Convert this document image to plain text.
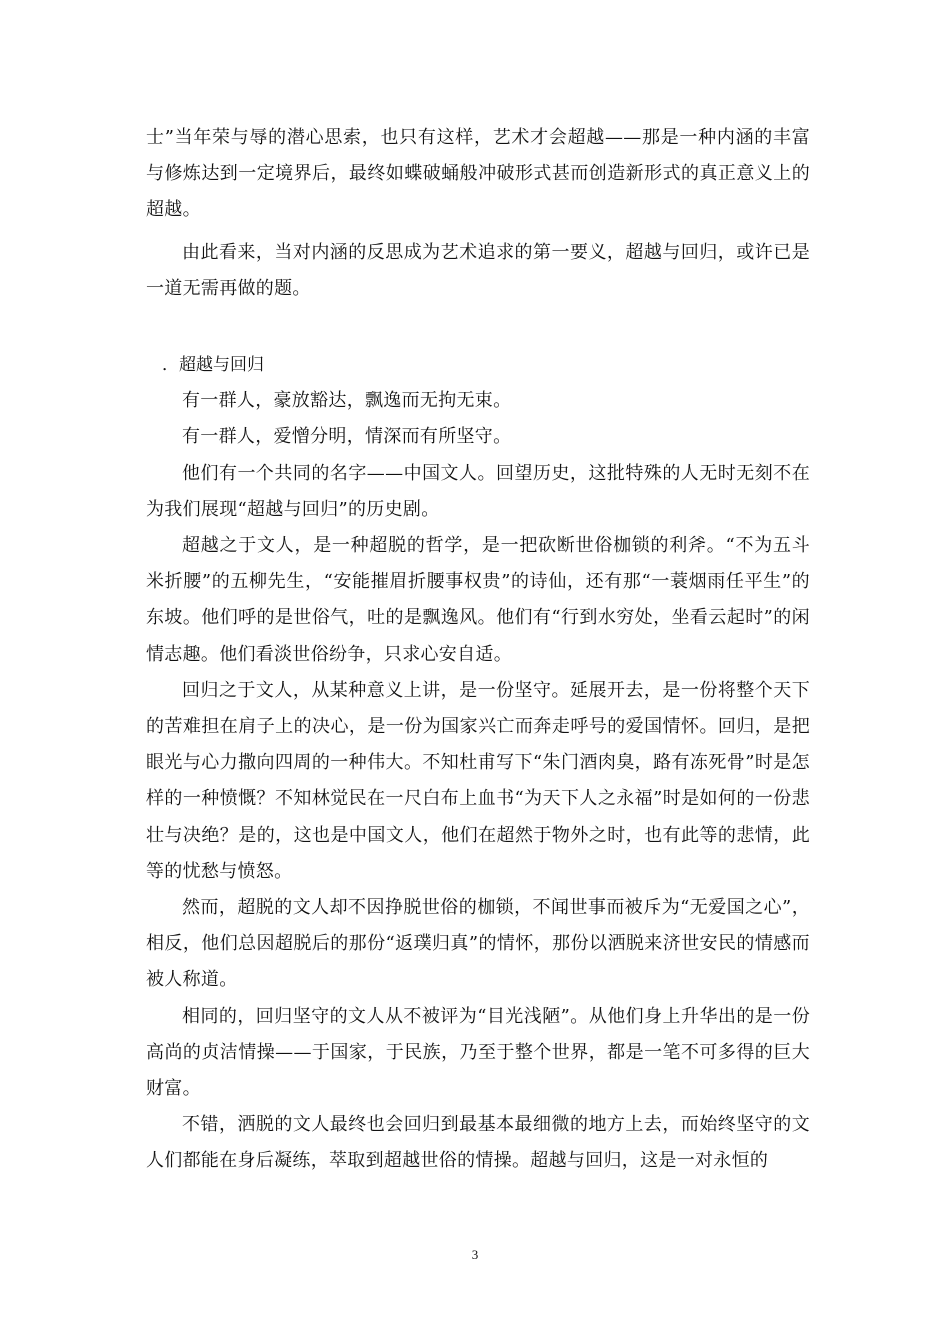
士”当年荣与辱的潜心思索，也只有这样，艺术才会超越——那是一种内涵的丰富与修炼达到一定境界后，最终如蝶破蛹般冲破形式甚而创造新形式的真正意义上的超越。

由此看来，当对内涵的反思成为艺术追求的第一要义，超越与回归，或许已是一道无需再做的题。

．超越与回归

有一群人，豪放豁达，飘逸而无拘无束。

有一群人，爱憎分明，情深而有所坚守。

他们有一个共同的名字——中国文人。回望历史，这批特殊的人无时无刻不在为我们展现“超越与回归”的历史剧。

超越之于文人，是一种超脱的哲学，是一把砍断世俗枷锁的利斧。“不为五斗米折腰”的五柳先生，“安能摧眉折腰事权贵”的诗仙，还有那“一蓑烟雨任平生”的东坡。他们呼的是世俗气，吐的是飘逸风。他们有“行到水穷处，坐看云起时”的闲情志趣。他们看淡世俗纷争，只求心安自适。

回归之于文人，从某种意义上讲，是一份坚守。延展开去，是一份将整个天下的苦难担在肩子上的决心，是一份为国家兴亡而奔走呼号的爱国情怀。回归，是把眼光与心力撒向四周的一种伟大。不知杜甫写下“朱门酒肉臭，路有冻死骨”时是怎样的一种愤慨？不知林觉民在一尺白布上血书“为天下人之永福”时是如何的一份悲壮与决绝？是的，这也是中国文人，他们在超然于物外之时，也有此等的悲情，此等的忧愁与愤怒。

然而，超脱的文人却不因挣脱世俗的枷锁，不闻世事而被斥为“无爱国之心”，相反，他们总因超脱后的那份“返璞归真”的情怀，那份以洒脱来济世安民的情感而被人称道。

相同的，回归坚守的文人从不被评为“目光浅陋”。从他们身上升华出的是一份高尚的贞洁情操——于国家，于民族，乃至于整个世界，都是一笔不可多得的巨大财富。

不错，洒脱的文人最终也会回归到最基本最细微的地方上去，而始终坚守的文人们都能在身后凝练，萃取到超越世俗的情操。超越与回归，这是一对永恒的

3
